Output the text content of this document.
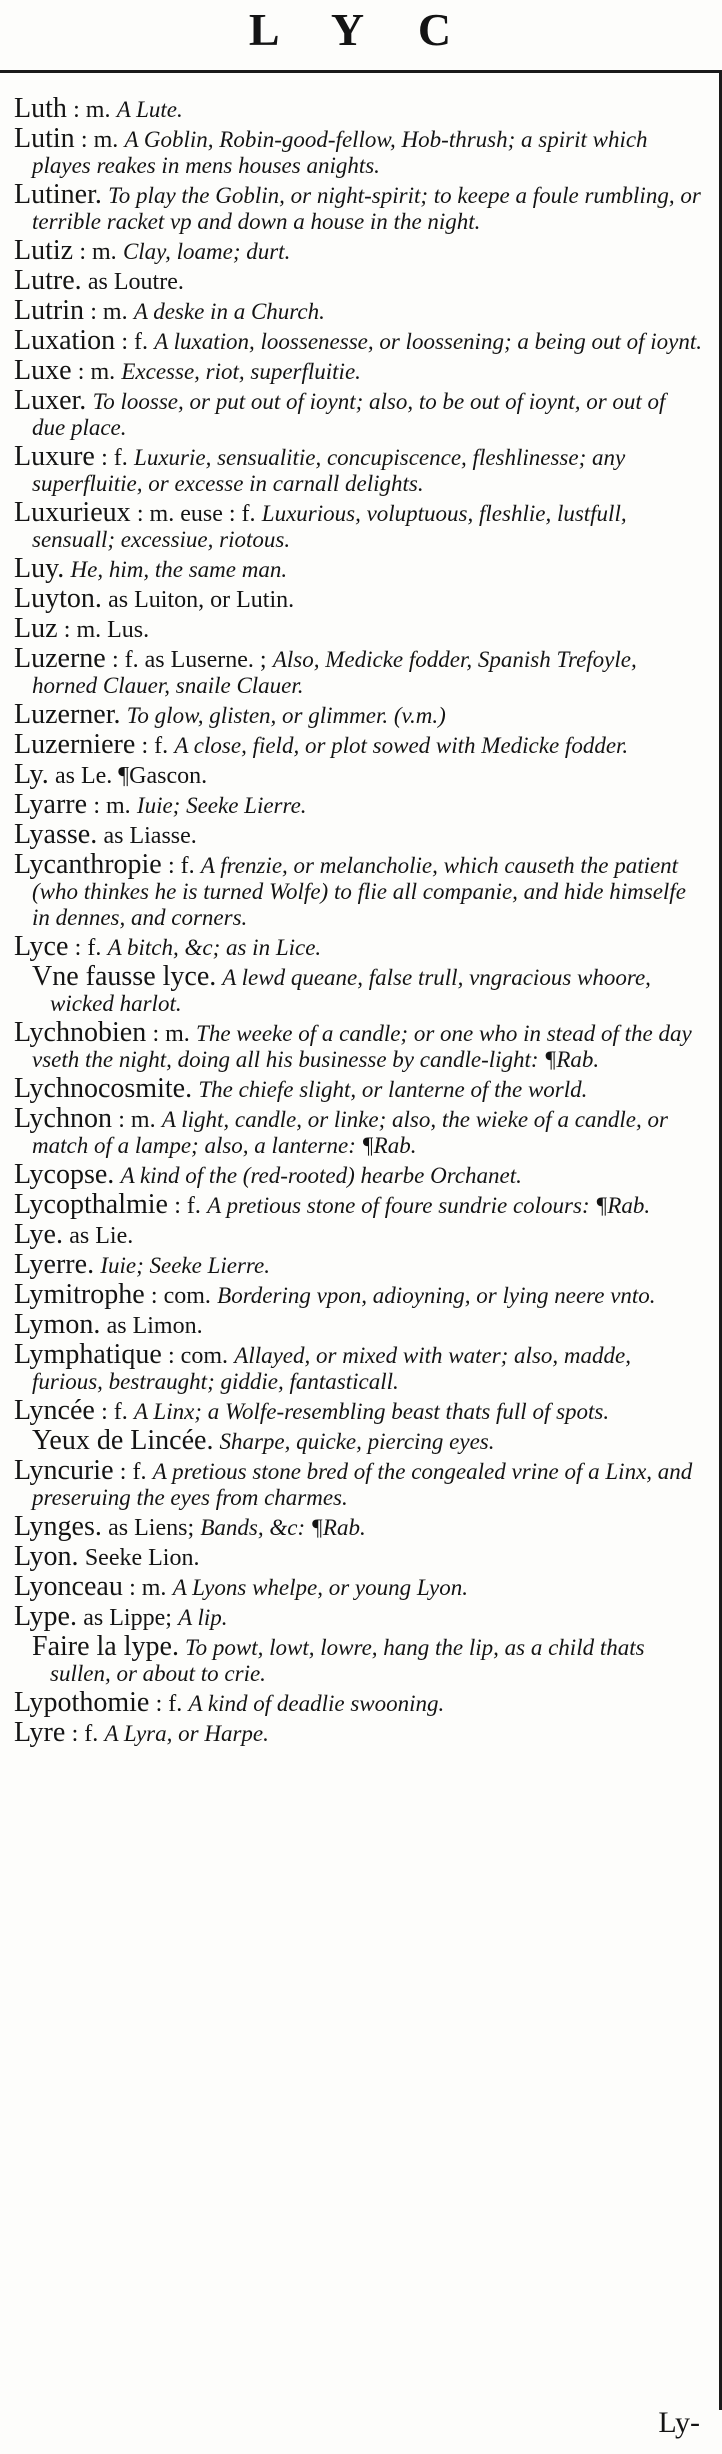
L Y C
Luth : m. A Lute.
Lutin : m. A Goblin, Robin-good-fellow, Hob-thrush; a spirit which playes reakes in mens houses anights.
Lutiner. To play the Goblin, or night-spirit; to keepe a foule rumbling, or terrible racket vp and down a house in the night.
Lutiz : m. Clay, loame; durt.
Lutre. as Loutre.
Lutrin : m. A deske in a Church.
Luxation : f. A luxation, loossenesse, or loossening; a being out of ioynt.
Luxe : m. Excesse, riot, superfluitie.
Luxer. To loosse, or put out of ioynt; also, to be out of ioynt, or out of due place.
Luxure : f. Luxurie, sensualitie, concupiscence, fleshlinesse; any superfluitie, or excesse in carnall delights.
Luxurieux : m. euse : f. Luxurious, voluptuous, fleshlie, lustfull, sensuall; excessiue, riotous.
Luy. He, him, the same man.
Luyton. as Luiton, or Lutin.
Luz : m. Lus.
Luzerne : f. as Luserne. ; Also, Medicke fodder, Spanish Trefoyle, horned Clauer, snaile Clauer.
Luzerner. To glow, glisten, or glimmer. (v.m.)
Luzerniere : f. A close, field, or plot sowed with Medicke fodder.
Ly. as Le. ¶Gascon.
Lyarre : m. Iuie; Seeke Lierre.
Lyasse. as Liasse.
Lycanthropie : f. A frenzie, or melancholie, which causeth the patient (who thinkes he is turned Wolfe) to flie all companie, and hide himselfe in dennes, and corners.
Lyce : f. A bitch, &c; as in Lice.
Vne fausse lyce. A lewd queane, false trull, vngracious whoore, wicked harlot.
Lychnobien : m. The weeke of a candle; or one who in stead of the day vseth the night, doing all his businesse by candle-light: ¶Rab.
Lychnocosmite. The chiefe slight, or lanterne of the world.
Lychnon : m. A light, candle, or linke; also, the wieke of a candle, or match of a lampe; also, a lanterne: ¶Rab.
Lycopse. A kind of the (red-rooted) hearbe Orchanet.
Lycopthalmie : f. A pretious stone of foure sundrie colours: ¶Rab.
Lye. as Lie.
Lyerre. Iuie; Seeke Lierre.
Lymitrophe : com. Bordering vpon, adioyning, or lying neere vnto.
Lymon. as Limon.
Lymphatique : com. Allayed, or mixed with water; also, madde, furious, bestraught; giddie, fantasticall.
Lyncée : f. A Linx; a Wolfe-resembling beast thats full of spots.
Yeux de Lincée. Sharpe, quicke, piercing eyes.
Lyncurie : f. A pretious stone bred of the congealed vrine of a Linx, and preseruing the eyes from charmes.
Lynges. as Liens; Bands, &c: ¶Rab.
Lyon. Seeke Lion.
Lyonceau : m. A Lyons whelpe, or young Lyon.
Lype. as Lippe; A lip.
Faire la lype. To powt, lowt, lowre, hang the lip, as a child thats sullen, or about to crie.
Lypothomie : f. A kind of deadlie swooning.
Lyre : f. A Lyra, or Harpe.
Ly-
